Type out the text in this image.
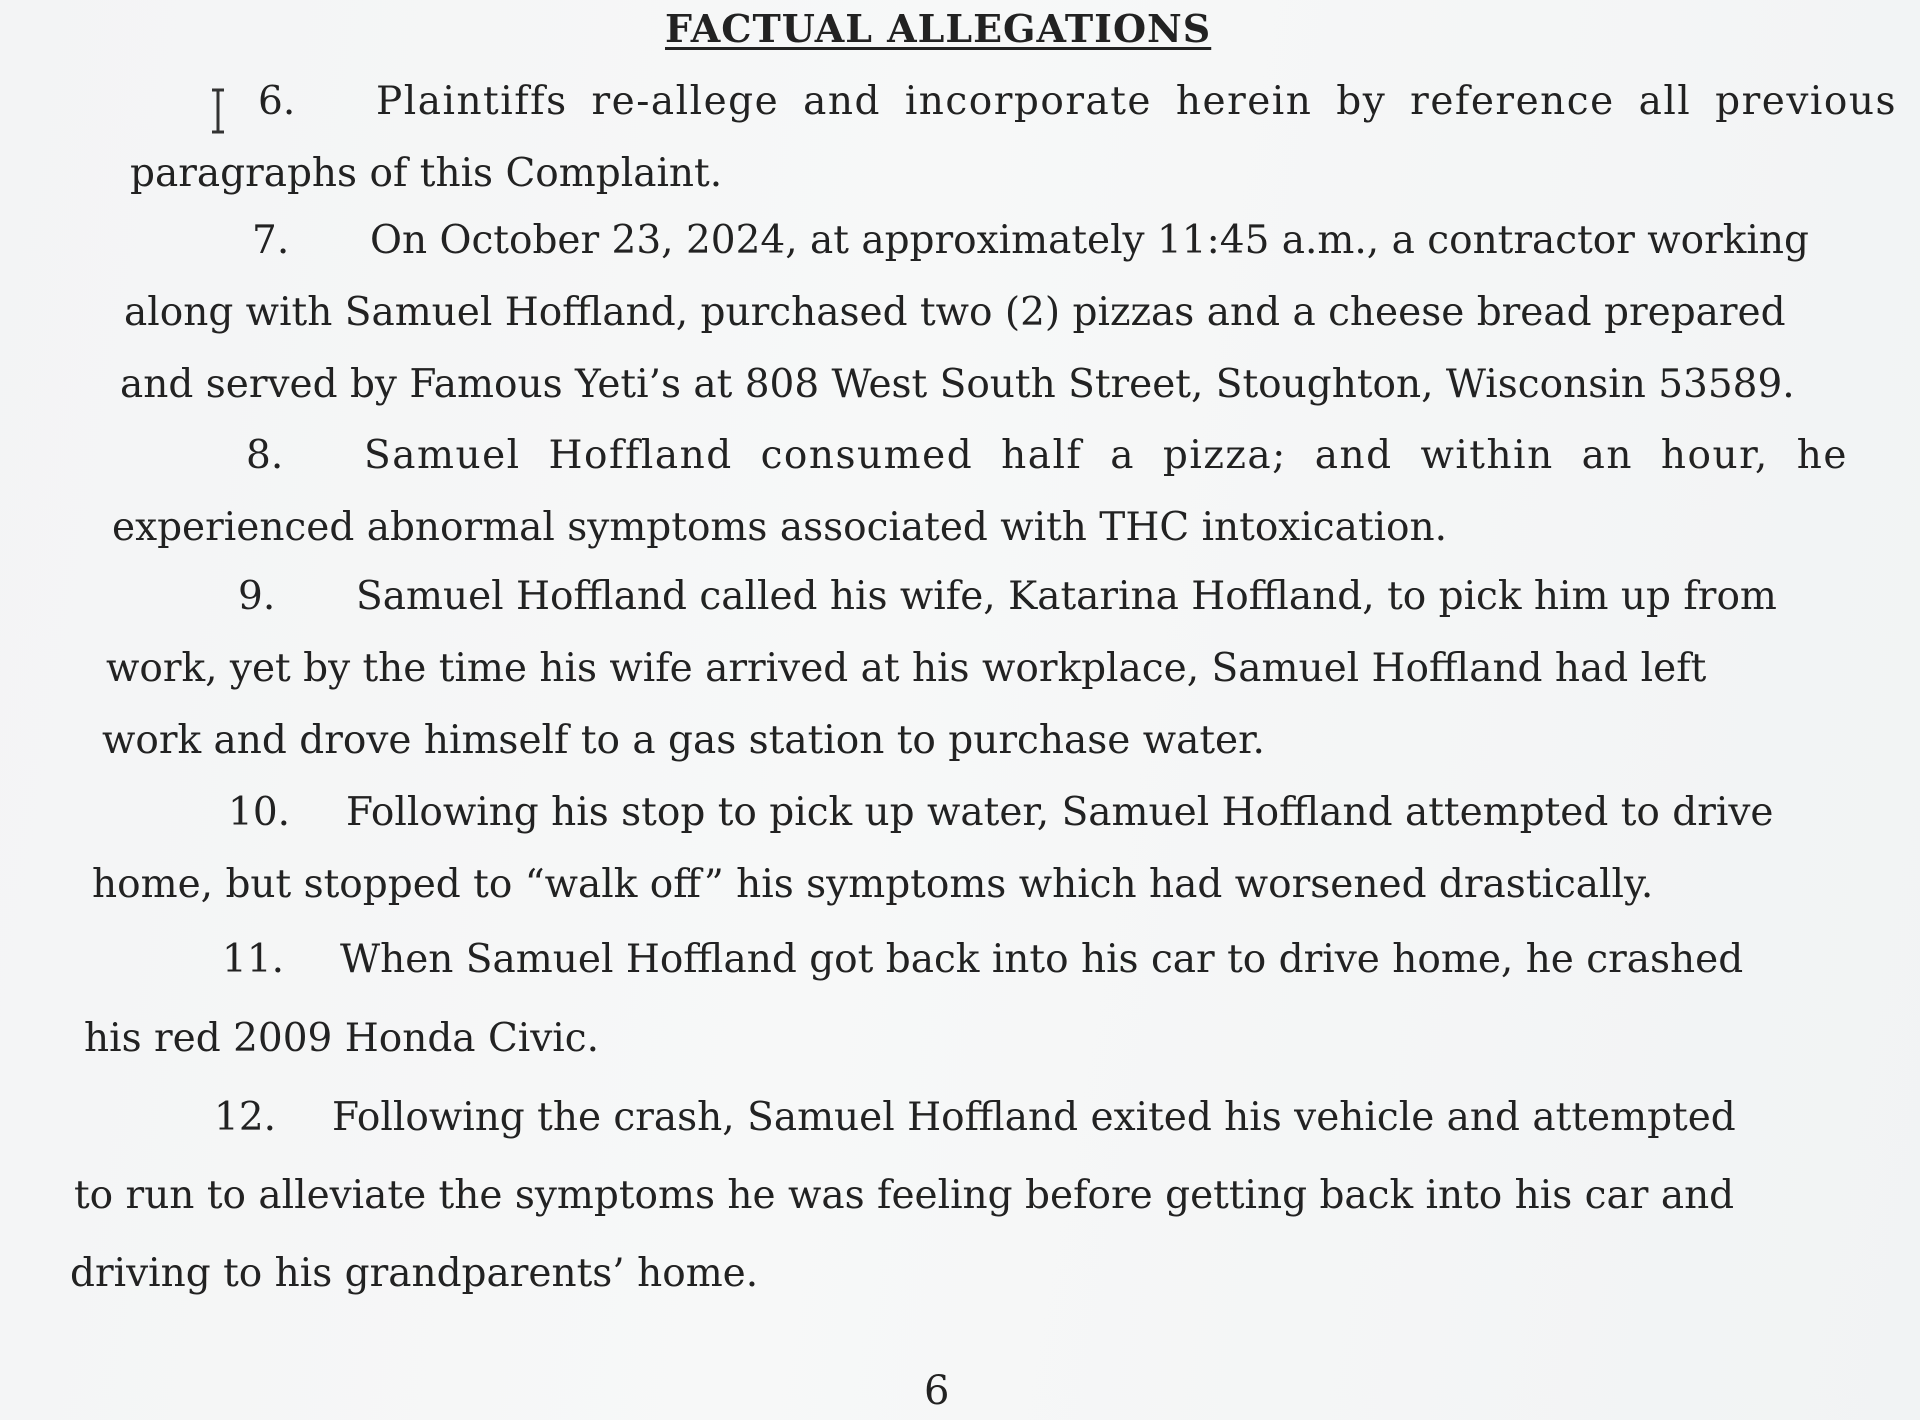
FACTUAL ALLEGATIONS
6. Plaintiffs re-allege and incorporate herein by reference all previous
paragraphs of this Complaint.
7. On October 23, 2024, at approximately 11:45 a.m., a contractor working
along with Samuel Hoffland, purchased two (2) pizzas and a cheese bread prepared
and served by Famous Yeti’s at 808 West South Street, Stoughton, Wisconsin 53589.
8. Samuel Hoffland consumed half a pizza; and within an hour, he
experienced abnormal symptoms associated with THC intoxication.
9. Samuel Hoffland called his wife, Katarina Hoffland, to pick him up from
work, yet by the time his wife arrived at his workplace, Samuel Hoffland had left
work and drove himself to a gas station to purchase water.
10. Following his stop to pick up water, Samuel Hoffland attempted to drive
home, but stopped to “walk off” his symptoms which had worsened drastically.
11. When Samuel Hoffland got back into his car to drive home, he crashed
his red 2009 Honda Civic.
12. Following the crash, Samuel Hoffland exited his vehicle and attempted
to run to alleviate the symptoms he was feeling before getting back into his car and
driving to his grandparents’ home.
6
